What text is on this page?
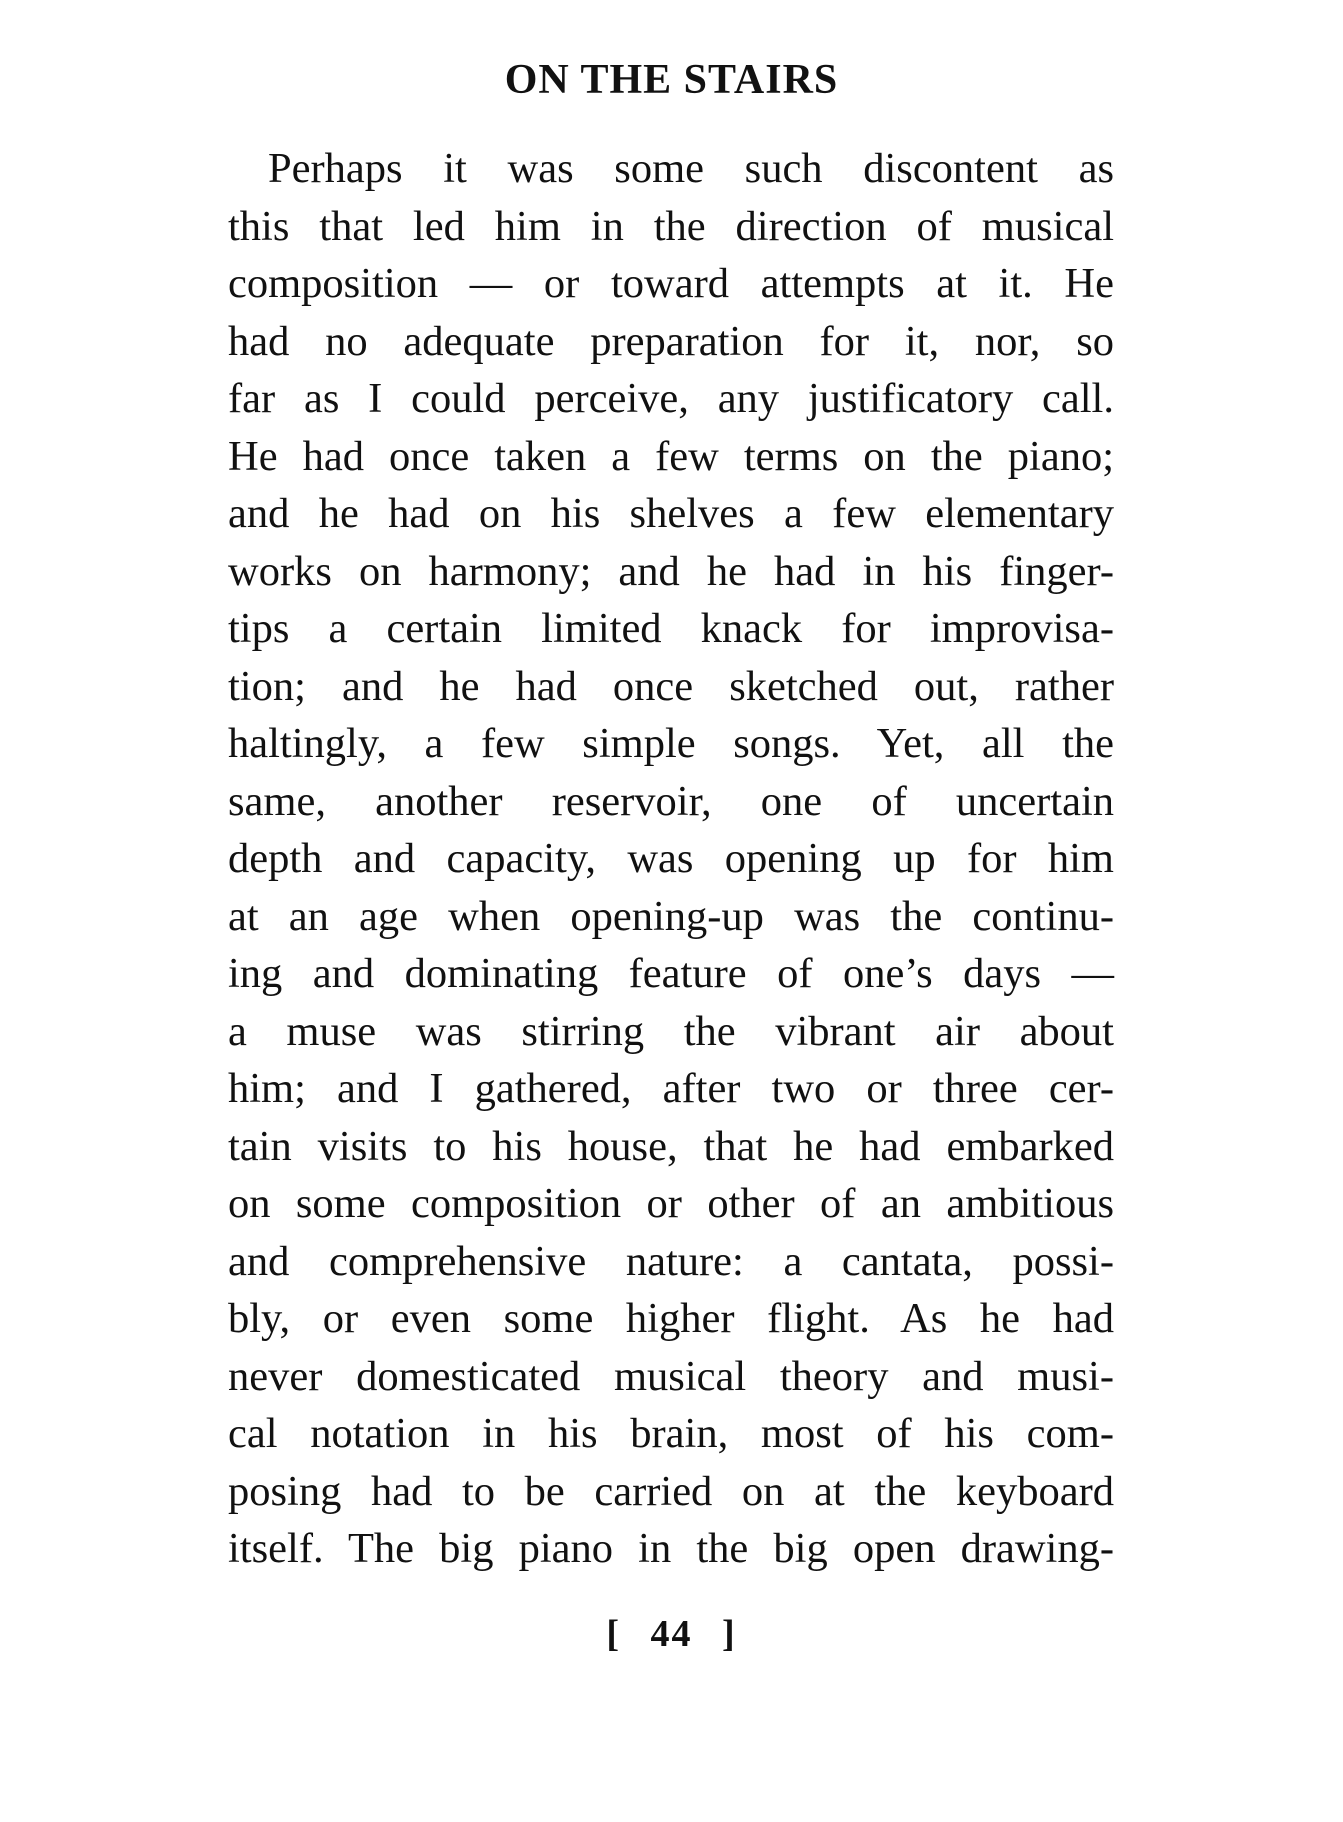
ON THE STAIRS
Perhaps it was some such discontent as
this that led him in the direction of musical
composition — or toward attempts at it. He
had no adequate preparation for it, nor, so
far as I could perceive, any justificatory call.
He had once taken a few terms on the piano;
and he had on his shelves a few elementary
works on harmony; and he had in his finger-
tips a certain limited knack for improvisa-
tion; and he had once sketched out, rather
haltingly, a few simple songs. Yet, all the
same, another reservoir, one of uncertain
depth and capacity, was opening up for him
at an age when opening-up was the continu-
ing and dominating feature of one’s days —
a muse was stirring the vibrant air about
him; and I gathered, after two or three cer-
tain visits to his house, that he had embarked
on some composition or other of an ambitious
and comprehensive nature: a cantata, possi-
bly, or even some higher flight. As he had
never domesticated musical theory and musi-
cal notation in his brain, most of his com-
posing had to be carried on at the keyboard
itself. The big piano in the big open drawing-
[ 44 ]
